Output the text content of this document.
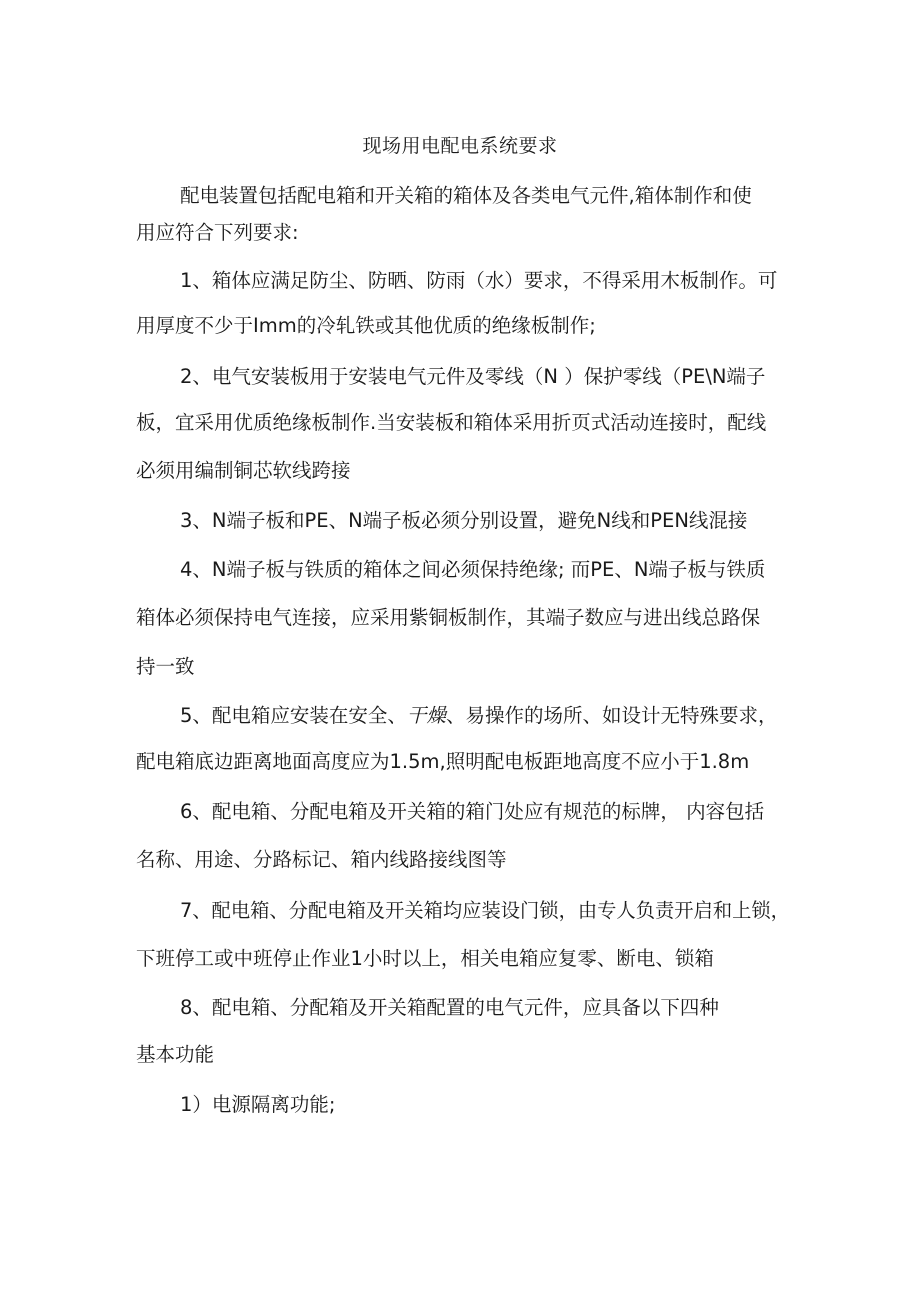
现场用电配电系统要求
配电装置包括配电箱和开关箱的箱体及各类电气元件,箱体制作和使
用应符合下列要求:
1、箱体应满足防尘、防晒、防雨（水）要求，不得采用木板制作。可
用厚度不少于Imm的冷轧铁或其他优质的绝缘板制作;
2、电气安装板用于安装电气元件及零线（N ）保护零线（PE\N端子
板，宜采用优质绝缘板制作.当安装板和箱体采用折页式活动连接时，配线
必须用编制铜芯软线跨接
3、N端子板和PE、N端子板必须分别设置，避免N线和PEN线混接
4、N端子板与铁质的箱体之间必须保持绝缘; 而PE、N端子板与铁质
箱体必须保持电气连接，应采用紫铜板制作，其端子数应与进出线总路保
持一致
5、配电箱应安装在安全、干燥、易操作的场所、如设计无特殊要求，
配电箱底边距离地面高度应为1.5m,照明配电板距地高度不应小于1.8m
6、配电箱、分配电箱及开关箱的箱门处应有规范的标牌， 内容包括
名称、用途、分路标记、箱内线路接线图等
7、配电箱、分配电箱及开关箱均应装设门锁，由专人负责开启和上锁，
下班停工或中班停止作业1小时以上，相关电箱应复零、断电、锁箱
8、配电箱、分配箱及开关箱配置的电气元件，应具备以下四种
基本功能
1）电源隔离功能;
